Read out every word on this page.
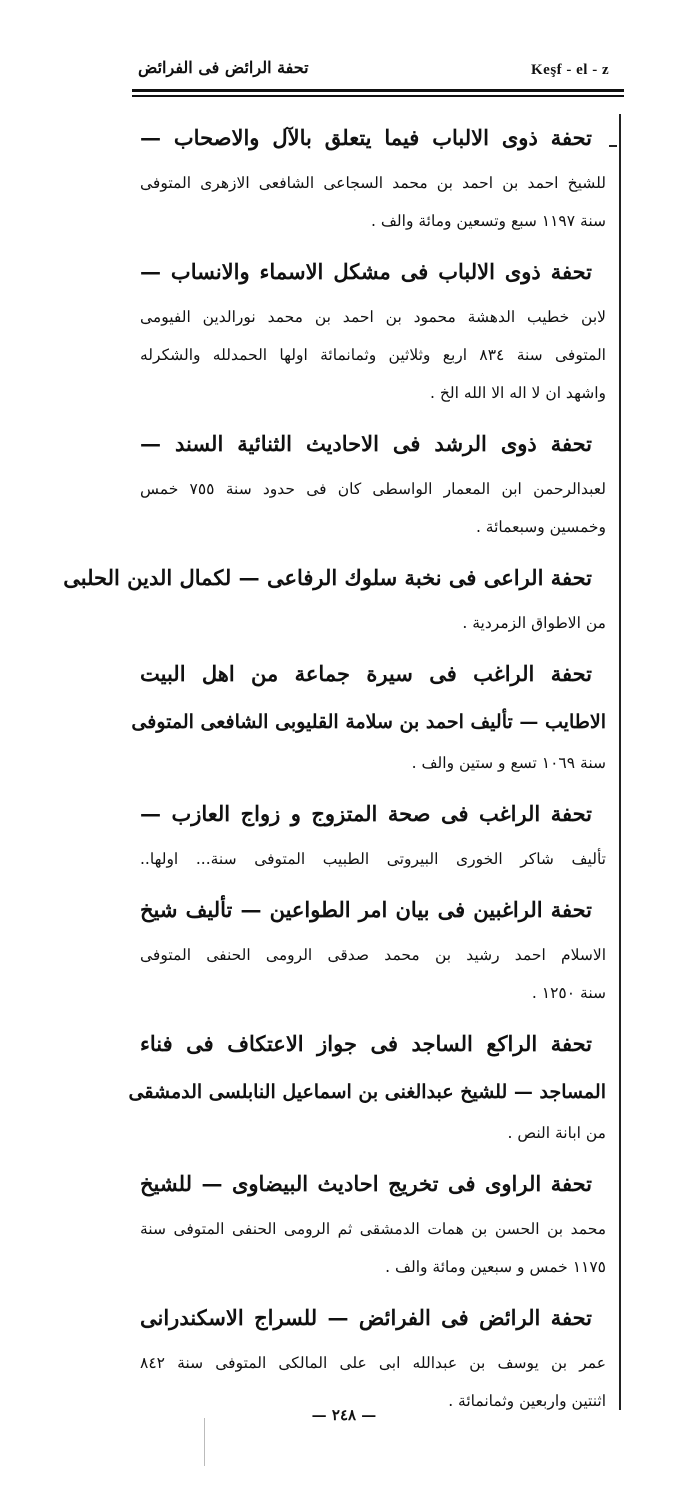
Keşf - el - z
تحفة الرائض فى الفرائض
تحفة ذوى الالباب فيما يتعلق بالآل والاصحاب —
للشيخ احمد بن احمد بن محمد السجاعى الشافعى الازهرى المتوفى
سنة ١١٩٧ سبع وتسعين ومائة والف .
تحفة ذوى الالباب فى مشكل الاسماء والانساب —
لابن خطيب الدهشة محمود بن احمد بن محمد نورالدين الفيومى
المتوفى سنة ٨٣٤ اربع وثلاثين وثمانمائة اولها الحمدلله والشكرله
واشهد ان لا اله الا الله الخ .
تحفة ذوى الرشد فى الاحاديث الثنائية السند —
لعبدالرحمن ابن المعمار الواسطى كان فى حدود سنة ٧٥٥ خمس
وخمسين وسبعمائة .
تحفة الراعى فى نخبة سلوك الرفاعى — لكمال الدين الحلبى
من الاطواق الزمردية .
تحفة الراغب فى سيرة جماعة من اهل البيت
الاطايب — تأليف احمد بن سلامة القليوبى الشافعى المتوفى
سنة ١٠٦٩ تسع و ستين والف .
تحفة الراغب فى صحة المتزوج و زواج العازب —
تأليف شاكر الخورى البيروتى الطبيب المتوفى سنة... اولها..
تحفة الراغبين فى بيان امر الطواعين — تأليف شيخ
الاسلام احمد رشيد بن محمد صدقى الرومى الحنفى المتوفى
سنة ١٢٥٠ .
تحفة الراكع الساجد فى جواز الاعتكاف فى فناء
المساجد — للشيخ عبدالغنى بن اسماعيل النابلسى الدمشقى
من ابانة النص .
تحفة الراوى فى تخريج احاديث البيضاوى — للشيخ
محمد بن الحسن بن همات الدمشقى ثم الرومى الحنفى المتوفى سنة
١١٧٥ خمس و سبعين ومائة والف .
تحفة الرائض فى الفرائض — للسراج الاسكندرانى
عمر بن يوسف بن عبدالله ابى على المالكى المتوفى سنة ٨٤٢
اثنتين واربعين وثمانمائة .
— ٢٤٨ —
